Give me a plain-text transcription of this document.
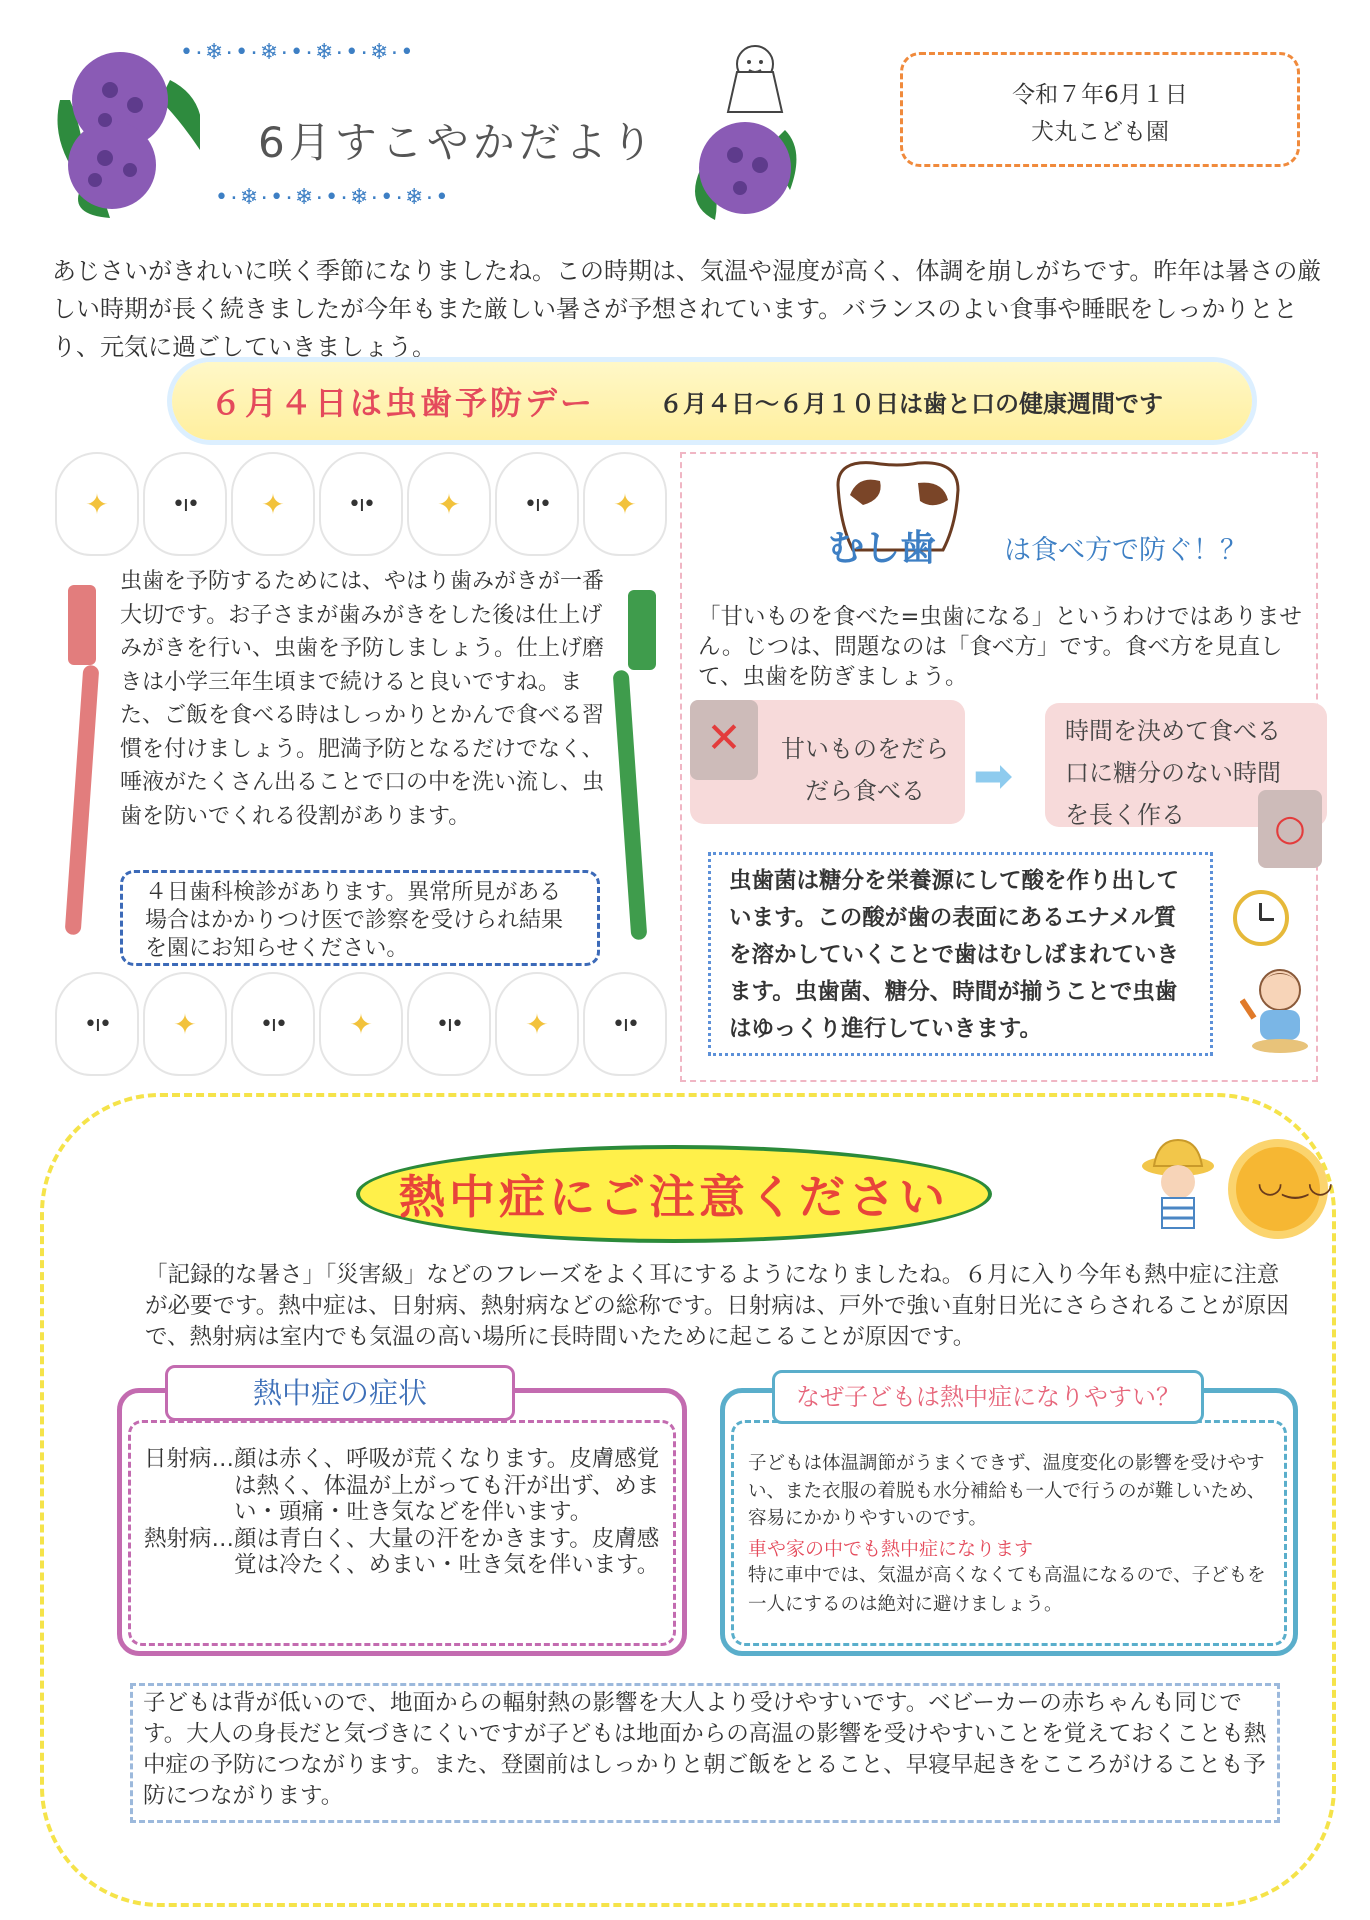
•٠❄٠•٠❄٠•٠❄٠•٠❄٠•
•٠❄٠•٠❄٠•٠❄٠•٠❄٠•
6月すこやかだより
令和７年6月１日
犬丸こども園
あじさいがきれいに咲く季節になりましたね。この時期は、気温や湿度が高く、体調を崩しがちです。昨年は暑さの厳しい時期が長く続きましたが今年もまた厳しい暑さが予想されています。バランスのよい食事や睡眠をしっかりととり、元気に過ごしていきましょう。
６月４日は虫歯予防デー	６月４日〜６月１０日は歯と口の健康週間です
✦	•ı•	✦	•ı•	✦	•ı•	✦
•ı•	✦	•ı•	✦	•ı•	✦	•ı•
虫歯を予防するためには、やはり歯みがきが一番大切です。お子さまが歯みがきをした後は仕上げみがきを行い、虫歯を予防しましょう。仕上げ磨きは小学三年生頃まで続けると良いですね。また、ご飯を食べる時はしっかりとかんで食べる習慣を付けましょう。肥満予防となるだけでなく、唾液がたくさん出ることで口の中を洗い流し、虫歯を防いでくれる役割があります。
４日歯科検診があります。異常所見がある場合はかかりつけ医で診察を受けられ結果を園にお知らせください。
むし歯	は食べ方で防ぐ！？
「甘いものを食べた=虫歯になる」というわけではありません。じつは、問題なのは「食べ方」です。食べ方を見直して、虫歯を防ぎましょう。
✕	甘いものをだらだら食べる	➡
時間を決めて食べる
口に糖分のない時間
を長く作る	○
虫歯菌は糖分を栄養源にして酸を作り出しています。この酸が歯の表面にあるエナメル質を溶かしていくことで歯はむしばまれていきます。虫歯菌、糖分、時間が揃うことで虫歯はゆっくり進行していきます。
熱中症にご注意ください	◡‿◡
「記録的な暑さ」「災害級」などのフレーズをよく耳にするようになりましたね。６月に入り今年も熱中症に注意が必要です。熱中症は、日射病、熱射病などの総称です。日射病は、戸外で強い直射日光にさらされることが原因で、熱射病は室内でも気温の高い場所に長時間いたために起こることが原因です。
熱中症の症状
日射病… 顔は赤く、呼吸が荒くなります。皮膚感覚は熱く、体温が上がっても汗が出ず、めまい・頭痛・吐き気などを伴います。
熱射病… 顔は青白く、大量の汗をかきます。皮膚感覚は冷たく、めまい・吐き気を伴います。
なぜ子どもは熱中症になりやすい？
子どもは体温調節がうまくできず、温度変化の影響を受けやすい、また衣服の着脱も水分補給も一人で行うのが難しいため、容易にかかりやすいのです。
車や家の中でも熱中症になります
特に車中では、気温が高くなくても高温になるので、子どもを一人にするのは絶対に避けましょう。
子どもは背が低いので、地面からの輻射熱の影響を大人より受けやすいです。ベビーカーの赤ちゃんも同じです。大人の身長だと気づきにくいですが子どもは地面からの高温の影響を受けやすいことを覚えておくことも熱中症の予防につながります。また、登園前はしっかりと朝ご飯をとること、早寝早起きをこころがけることも予防につながります。
